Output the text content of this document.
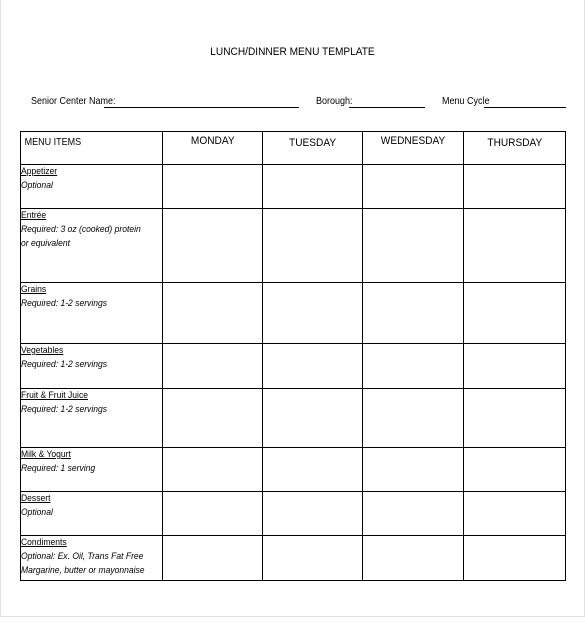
LUNCH/DINNER MENU TEMPLATE
Senior Center Name:	Borough:	Menu Cycle
MENU ITEMS	MONDAY	TUESDAY	WEDNESDAY	THURSDAY

Appetizer
Optional				

Entrée
Required: 3 oz (cooked) protein
or equivalent				

Grains
Required: 1-2 servings				

Vegetables
Required: 1-2 servings				

Fruit & Fruit Juice
Required: 1-2 servings				

Milk & Yogurt
Required: 1 serving				

Dessert
Optional				

Condiments
Optional: Ex. Oil, Trans Fat Free
Margarine, butter or mayonnaise				
